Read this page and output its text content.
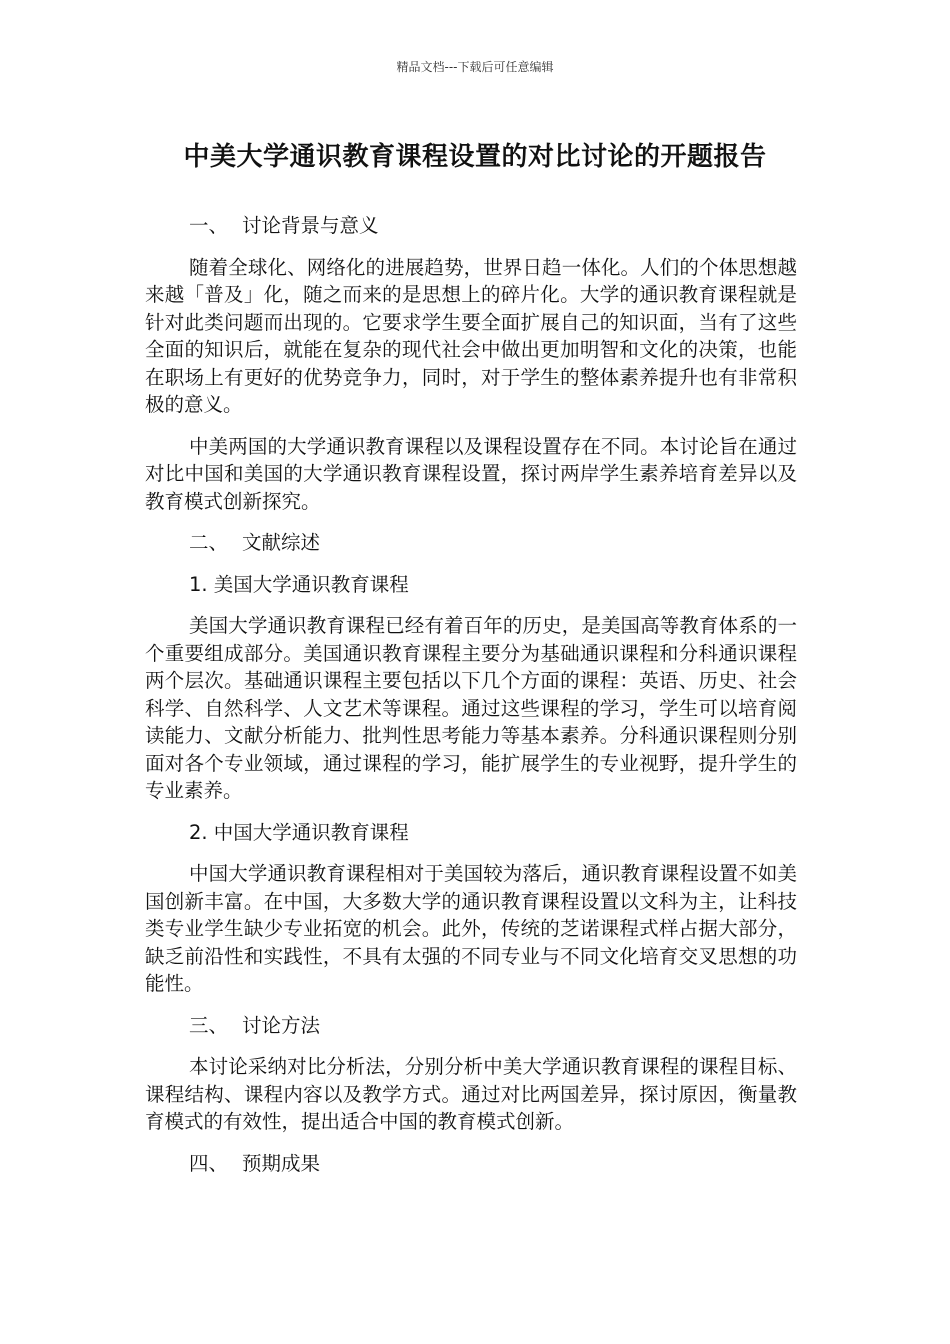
精品文档---下载后可任意编辑
中美大学通识教育课程设置的对比讨论的开题报告
一、 讨论背景与意义

随着全球化、网络化的进展趋势，世界日趋一体化。人们的个体思想越来越「普及」化，随之而来的是思想上的碎片化。大学的通识教育课程就是针对此类问题而出现的。它要求学生要全面扩展自己的知识面，当有了这些全面的知识后，就能在复杂的现代社会中做出更加明智和文化的决策，也能在职场上有更好的优势竞争力，同时，对于学生的整体素养提升也有非常积极的意义。

中美两国的大学通识教育课程以及课程设置存在不同。本讨论旨在通过对比中国和美国的大学通识教育课程设置，探讨两岸学生素养培育差异以及教育模式创新探究。

二、 文献综述
1. 美国大学通识教育课程

美国大学通识教育课程已经有着百年的历史，是美国高等教育体系的一个重要组成部分。美国通识教育课程主要分为基础通识课程和分科通识课程两个层次。基础通识课程主要包括以下几个方面的课程：英语、历史、社会科学、自然科学、人文艺术等课程。通过这些课程的学习，学生可以培育阅读能力、文献分析能力、批判性思考能力等基本素养。分科通识课程则分别面对各个专业领域，通过课程的学习，能扩展学生的专业视野，提升学生的专业素养。

2. 中国大学通识教育课程

中国大学通识教育课程相对于美国较为落后，通识教育课程设置不如美国创新丰富。在中国，大多数大学的通识教育课程设置以文科为主，让科技类专业学生缺少专业拓宽的机会。此外，传统的芝诺课程式样占据大部分，缺乏前沿性和实践性，不具有太强的不同专业与不同文化培育交叉思想的功能性。

三、 讨论方法

本讨论采纳对比分析法，分别分析中美大学通识教育课程的课程目标、课程结构、课程内容以及教学方式。通过对比两国差异，探讨原因，衡量教育模式的有效性，提出适合中国的教育模式创新。

四、 预期成果
